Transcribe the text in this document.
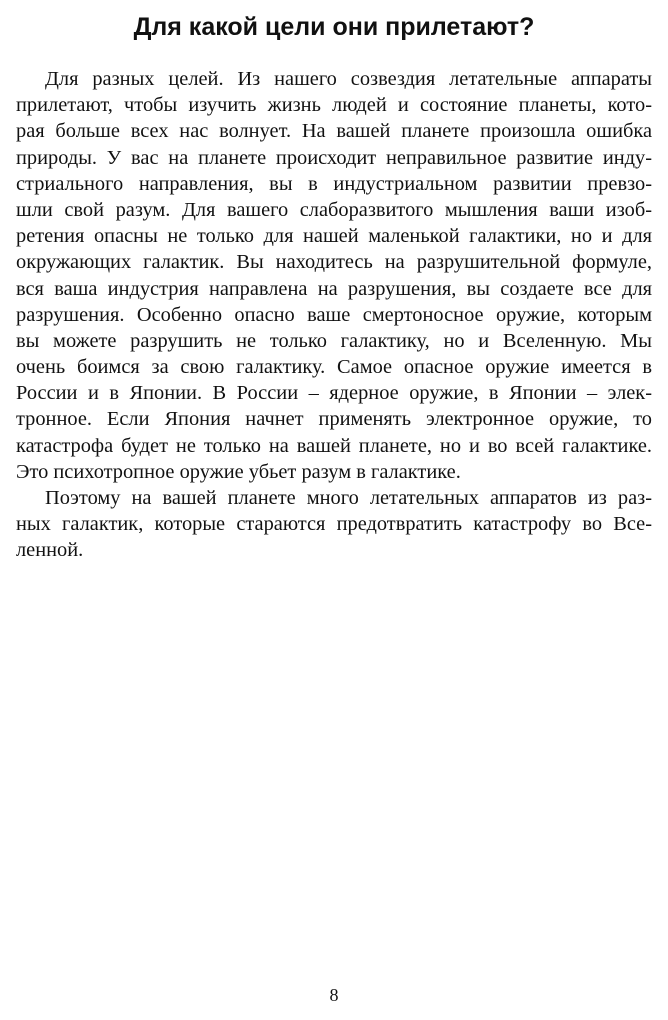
Для какой цели они прилетают?
Для разных целей. Из нашего созвездия летательные аппараты
прилетают, чтобы изучить жизнь людей и состояние планеты, кото-
рая больше всех нас волнует. На вашей планете произошла ошибка
природы. У вас на планете происходит неправильное развитие инду-
стриального направления, вы в индустриальном развитии превзо-
шли свой разум. Для вашего слаборазвитого мышления ваши изоб-
ретения опасны не только для нашей маленькой галактики, но и для
окружающих галактик. Вы находитесь на разрушительной формуле,
вся ваша индустрия направлена на разрушения, вы создаете все для
разрушения. Особенно опасно ваше смертоносное оружие, которым
вы можете разрушить не только галактику, но и Вселенную. Мы
очень боимся за свою галактику. Самое опасное оружие имеется в
России и в Японии. В России – ядерное оружие, в Японии – элек-
тронное. Если Япония начнет применять электронное оружие, то
катастрофа будет не только на вашей планете, но и во всей галактике.
Это психотропное оружие убьет разум в галактике.
Поэтому на вашей планете много летательных аппаратов из раз-
ных галактик, которые стараются предотвратить катастрофу во Все-
ленной.
8
